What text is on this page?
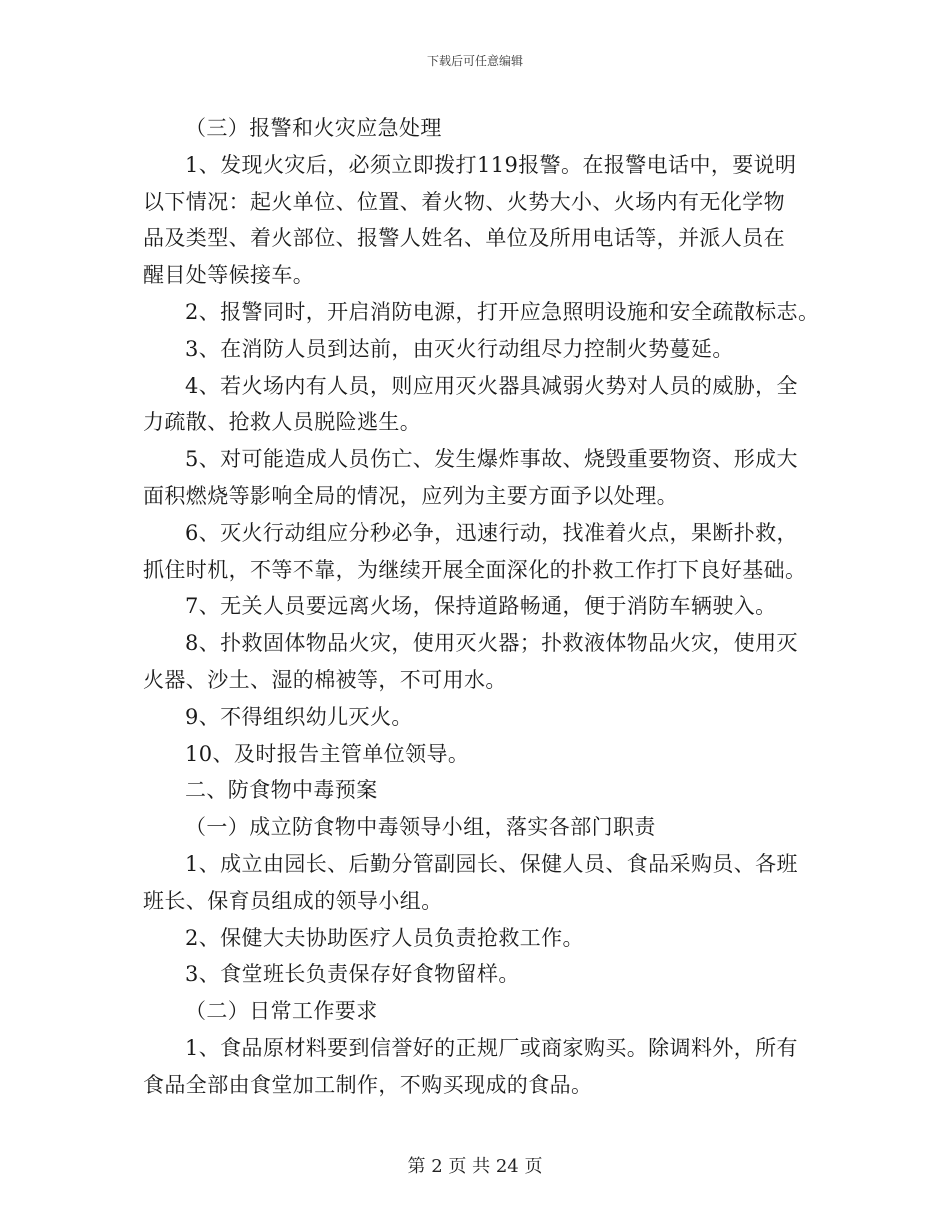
下载后可任意编辑
（三）报警和火灾应急处理
1、发现火灾后，必须立即拨打119报警。在报警电话中，要说明
以下情况：起火单位、位置、着火物、火势大小、火场内有无化学物
品及类型、着火部位、报警人姓名、单位及所用电话等，并派人员在
醒目处等候接车。
2、报警同时，开启消防电源，打开应急照明设施和安全疏散标志。
3、在消防人员到达前，由灭火行动组尽力控制火势蔓延。
4、若火场内有人员，则应用灭火器具减弱火势对人员的威胁，全
力疏散、抢救人员脱险逃生。
5、对可能造成人员伤亡、发生爆炸事故、烧毁重要物资、形成大
面积燃烧等影响全局的情况，应列为主要方面予以处理。
6、灭火行动组应分秒必争，迅速行动，找准着火点，果断扑救，
抓住时机，不等不靠，为继续开展全面深化的扑救工作打下良好基础。
7、无关人员要远离火场，保持道路畅通，便于消防车辆驶入。
8、扑救固体物品火灾，使用灭火器；扑救液体物品火灾，使用灭
火器、沙土、湿的棉被等，不可用水。
9、不得组织幼儿灭火。
10、及时报告主管单位领导。
二、防食物中毒预案
（一）成立防食物中毒领导小组，落实各部门职责
1、成立由园长、后勤分管副园长、保健人员、食品采购员、各班
班长、保育员组成的领导小组。
2、保健大夫协助医疗人员负责抢救工作。
3、食堂班长负责保存好食物留样。
（二）日常工作要求
1、食品原材料要到信誉好的正规厂或商家购买。除调料外，所有
食品全部由食堂加工制作，不购买现成的食品。
第 2 页 共 24 页
